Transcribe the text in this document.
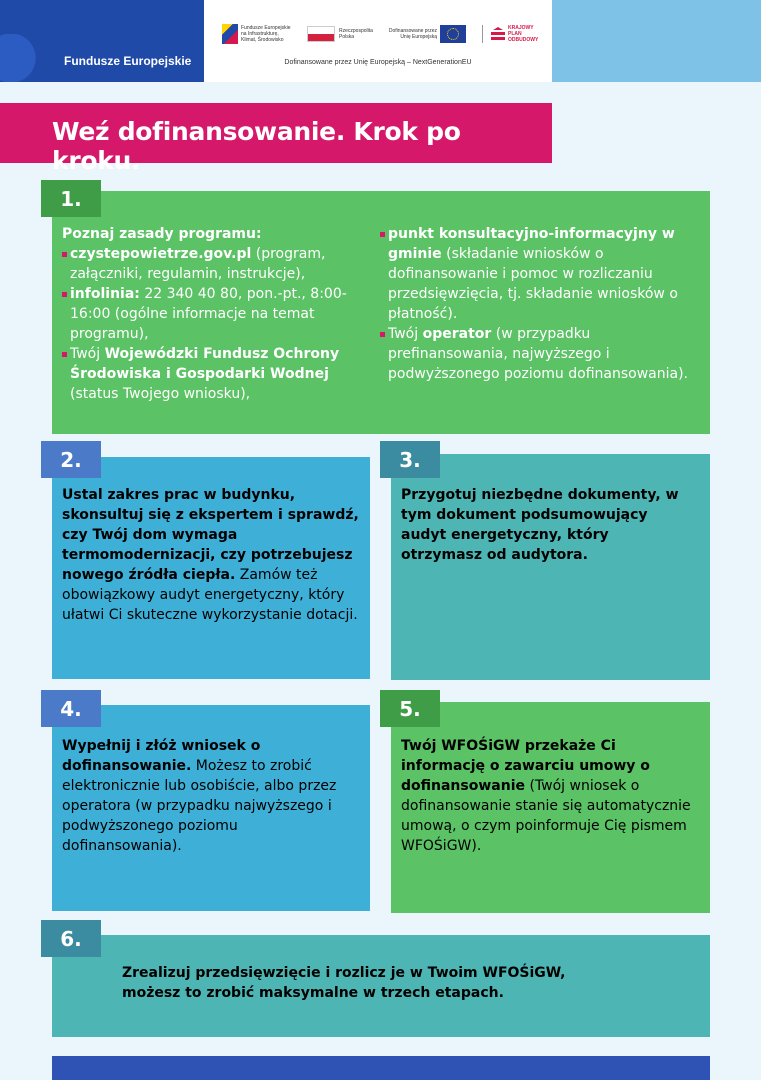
Fundusze Europejskie
Fundusze Europejskie
na Infrastrukturę,
Klimat, Środowisko
Rzeczpospolita
Polska
Dofinansowane przez
Unię Europejską
KRAJOWY
PLAN
ODBUDOWY
Dofinansowane przez Unię Europejską – NextGenerationEU
Weź dofinansowanie. Krok po kroku.
1.
Poznaj zasady programu:
czystepowietrze.gov.pl (program, załączniki, regulamin, instrukcje),
infolinia: 22 340 40 80, pon.-pt., 8:00-16:00 (ogólne informacje na temat programu),
Twój Wojewódzki Fundusz Ochrony Środowiska i Gospodarki Wodnej (status Twojego wniosku),
punkt konsultacyjno-informacyjny w gminie (składanie wniosków o dofinansowanie i pomoc w rozliczaniu przedsięwzięcia, tj. składanie wniosków o płatność).
Twój operator (w przypadku prefinansowania, najwyższego i podwyższonego poziomu dofinansowania).
2.
Ustal zakres prac w budynku, skonsultuj się z ekspertem i sprawdź, czy Twój dom wymaga termomodernizacji, czy potrzebujesz nowego źródła ciepła. Zamów też obowiązkowy audyt energetyczny, który ułatwi Ci skuteczne wykorzystanie dotacji.
3.
Przygotuj niezbędne dokumenty, w tym dokument podsumowujący audyt energetyczny, który otrzymasz od audytora.
4.
Wypełnij i złóż wniosek o dofinansowanie. Możesz to zrobić elektronicznie lub osobiście, albo przez operatora (w przypadku najwyższego i podwyższonego poziomu dofinansowania).
5.
Twój WFOŚiGW przekaże Ci informację o zawarciu umowy o dofinansowanie (Twój wniosek o dofinansowanie stanie się automatycznie umową, o czym poinformuje Cię pismem WFOŚiGW).
6.
Zrealizuj przedsięwzięcie i rozlicz je w Twoim WFOŚiGW,
możesz to zrobić maksymalne w trzech etapach.
